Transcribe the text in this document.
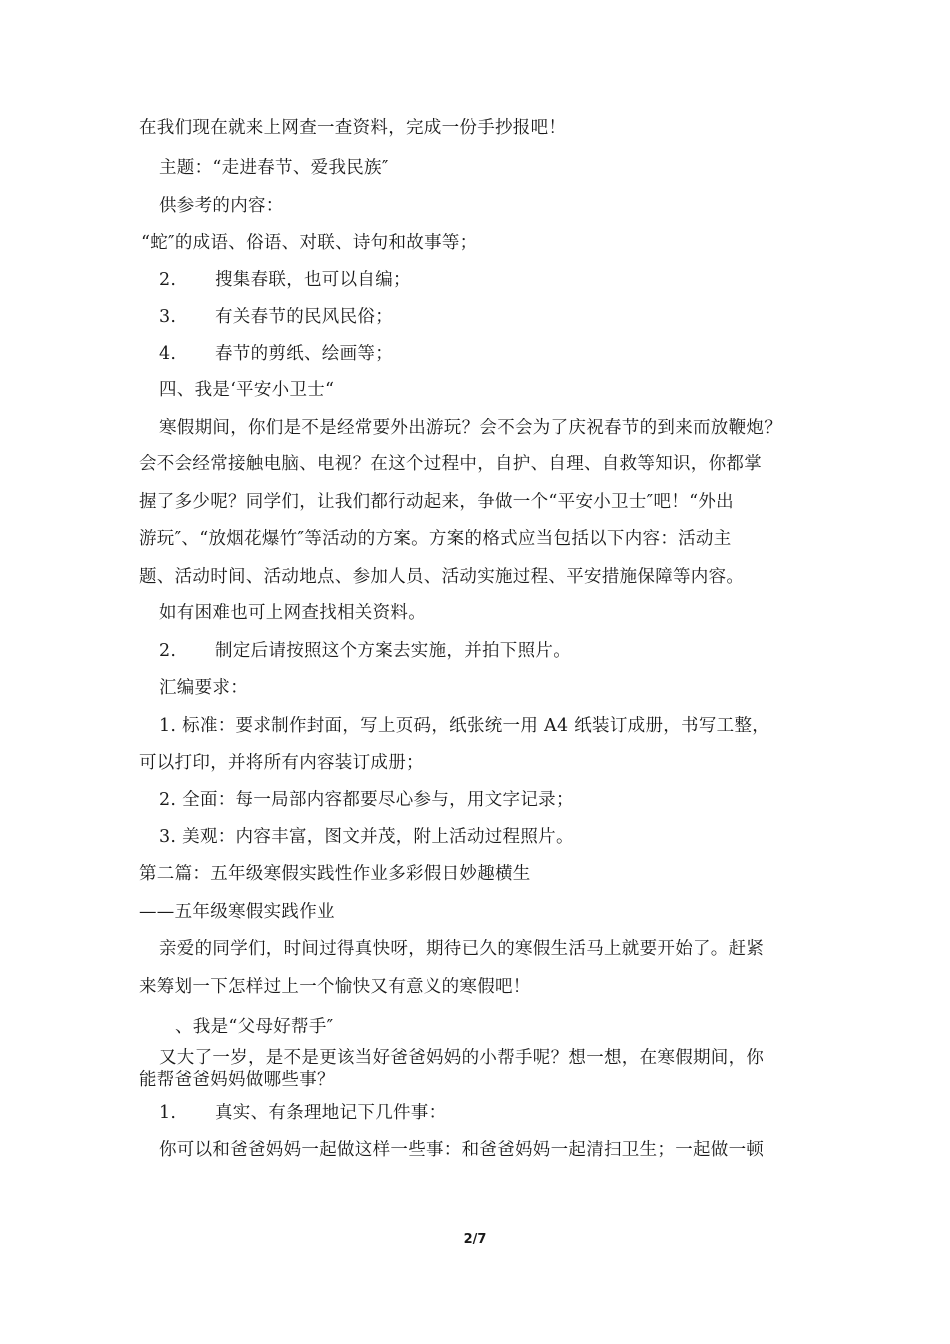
在我们现在就来上网查一查资料，完成一份手抄报吧！
主题：“走进春节、爱我民族″
供参考的内容：
“蛇″的成语、俗语、对联、诗句和故事等；
2. 搜集春联，也可以自编；
3. 有关春节的民风民俗；
4. 春节的剪纸、绘画等；
四、我是‘平安小卫士“
寒假期间，你们是不是经常要外出游玩？会不会为了庆祝春节的到来而放鞭炮？
会不会经常接触电脑、电视？在这个过程中，自护、自理、自救等知识，你都掌
握了多少呢？同学们，让我们都行动起来，争做一个“平安小卫士″吧！“外出
游玩″、“放烟花爆竹″等活动的方案。方案的格式应当包括以下内容：活动主
题、活动时间、活动地点、参加人员、活动实施过程、平安措施保障等内容。
如有困难也可上网查找相关资料。
2. 制定后请按照这个方案去实施，并拍下照片。
汇编要求：
1. 标准：要求制作封面，写上页码，纸张统一用 A4 纸装订成册，书写工整，
可以打印，并将所有内容装订成册；
2. 全面：每一局部内容都要尽心参与，用文字记录；
3. 美观：内容丰富，图文并茂，附上活动过程照片。
第二篇：五年级寒假实践性作业多彩假日妙趣横生
——五年级寒假实践作业
亲爱的同学们，时间过得真快呀，期待已久的寒假生活马上就要开始了。赶紧
来筹划一下怎样过上一个愉快又有意义的寒假吧！
、我是“父母好帮手″
又大了一岁，是不是更该当好爸爸妈妈的小帮手呢？想一想，在寒假期间，你
能帮爸爸妈妈做哪些事？
1. 真实、有条理地记下几件事：
你可以和爸爸妈妈一起做这样一些事：和爸爸妈妈一起清扫卫生；一起做一顿
2/7
